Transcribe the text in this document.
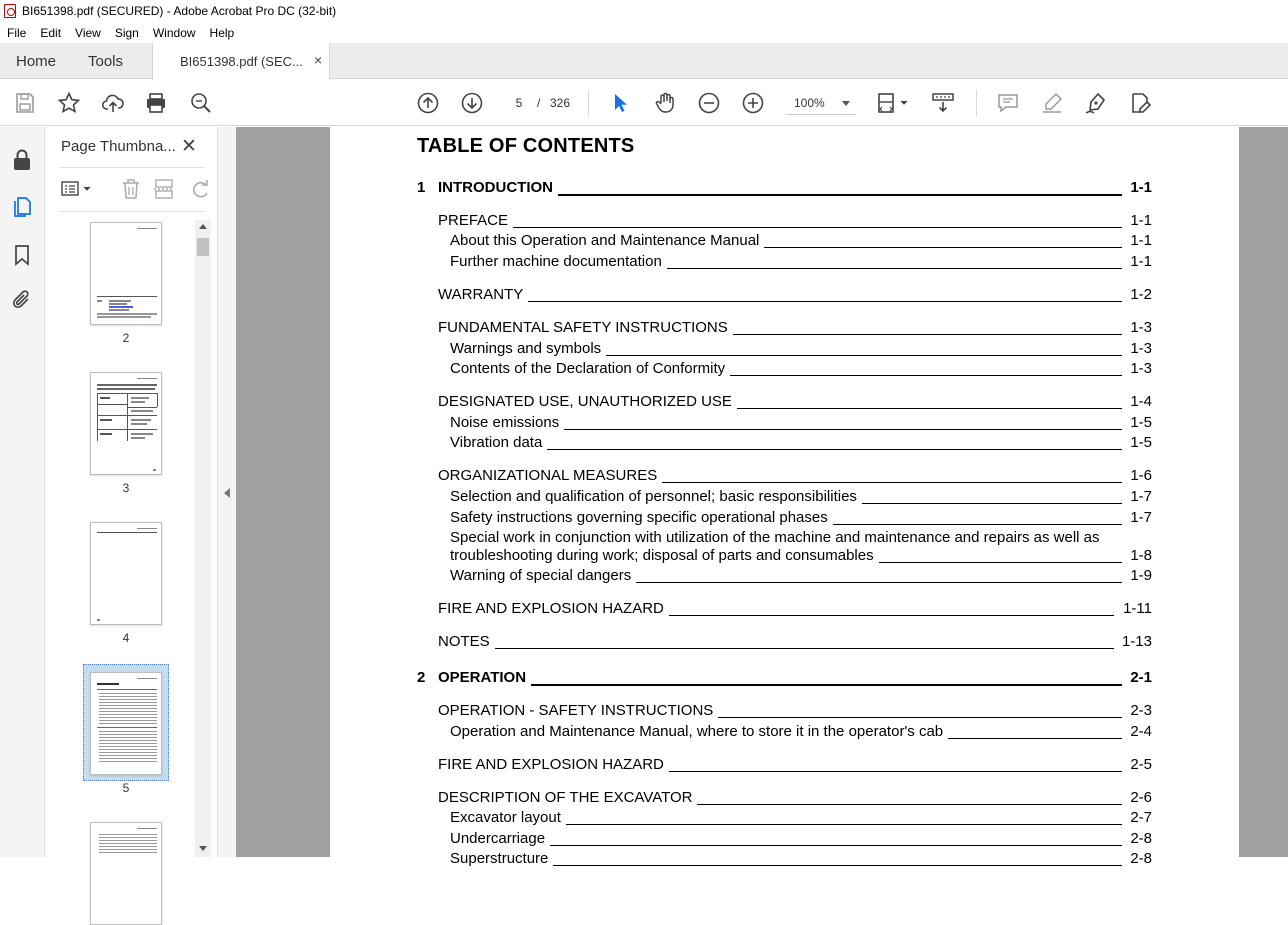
BI651398.pdf (SECURED) - Adobe Acrobat Pro DC (32-bit)
File	Edit	View	Sign	Window	Help
Home Tools	BI651398.pdf (SEC... ×
5	/ 326	100%
Page Thumbna... ✕
2
3
4
5
TABLE OF CONTENTS
1 INTRODUCTION	1-1
PREFACE	1-1
About this Operation and Maintenance Manual	1-1
Further machine documentation	1-1
WARRANTY	1-2
FUNDAMENTAL SAFETY INSTRUCTIONS	1-3
Warnings and symbols	1-3
Contents of the Declaration of Conformity	1-3
DESIGNATED USE, UNAUTHORIZED USE	1-4
Noise emissions	1-5
Vibration data	1-5
ORGANIZATIONAL MEASURES	1-6
Selection and qualification of personnel; basic responsibilities	1-7
Safety instructions governing specific operational phases	1-7
Special work in conjunction with utilization of the machine and maintenance and repairs as well as
troubleshooting during work; disposal of parts and consumables	1-8
Warning of special dangers	1-9
FIRE AND EXPLOSION HAZARD	1-11
NOTES	1-13
2 OPERATION	2-1
OPERATION - SAFETY INSTRUCTIONS	2-3
Operation and Maintenance Manual, where to store it in the operator's cab	2-4
FIRE AND EXPLOSION HAZARD	2-5
DESCRIPTION OF THE EXCAVATOR	2-6
Excavator layout	2-7
Undercarriage	2-8
Superstructure	2-8
